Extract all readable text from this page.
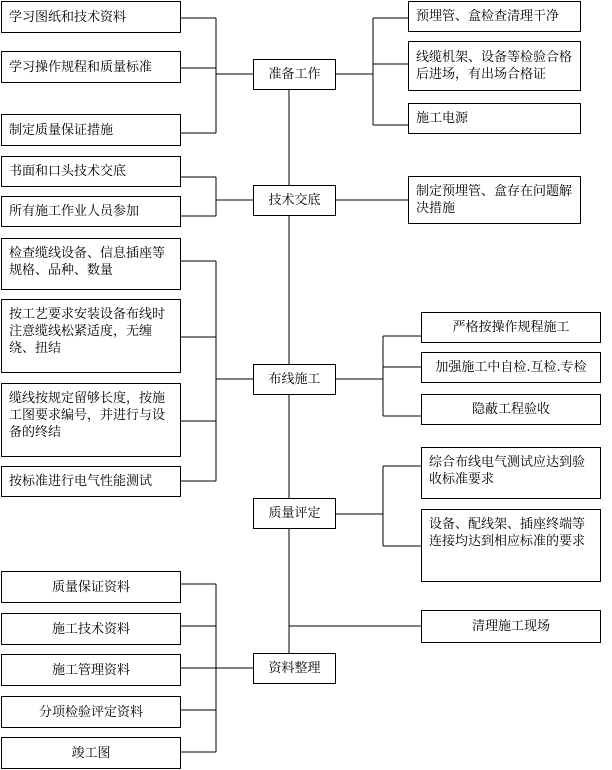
准备工作
技术交底
布线施工
质量评定
资料整理
学习图纸和技术资料
学习操作规程和质量标准
制定质量保证措施
预埋管、盒检查清理干净
线缆机架、设备等检验合格后进场，有出场合格证
施工电源
书面和口头技术交底
所有施工作业人员参加
制定预埋管、盒存在问题解决措施
检查缆线设备、信息插座等规格、品种、数量
按工艺要求安装设备布线时注意缆线松紧适度，无缠绕、扭结
缆线按规定留够长度，按施工图要求编号，并进行与设备的终结
按标准进行电气性能测试
严格按操作规程施工
加强施工中自检.互检.专检
隐蔽工程验收
综合布线电气测试应达到验收标准要求
设备、配线架、插座终端等连接均达到相应标准的要求
清理施工现场
质量保证资料
施工技术资料
施工管理资料
分项检验评定资料
竣工图
